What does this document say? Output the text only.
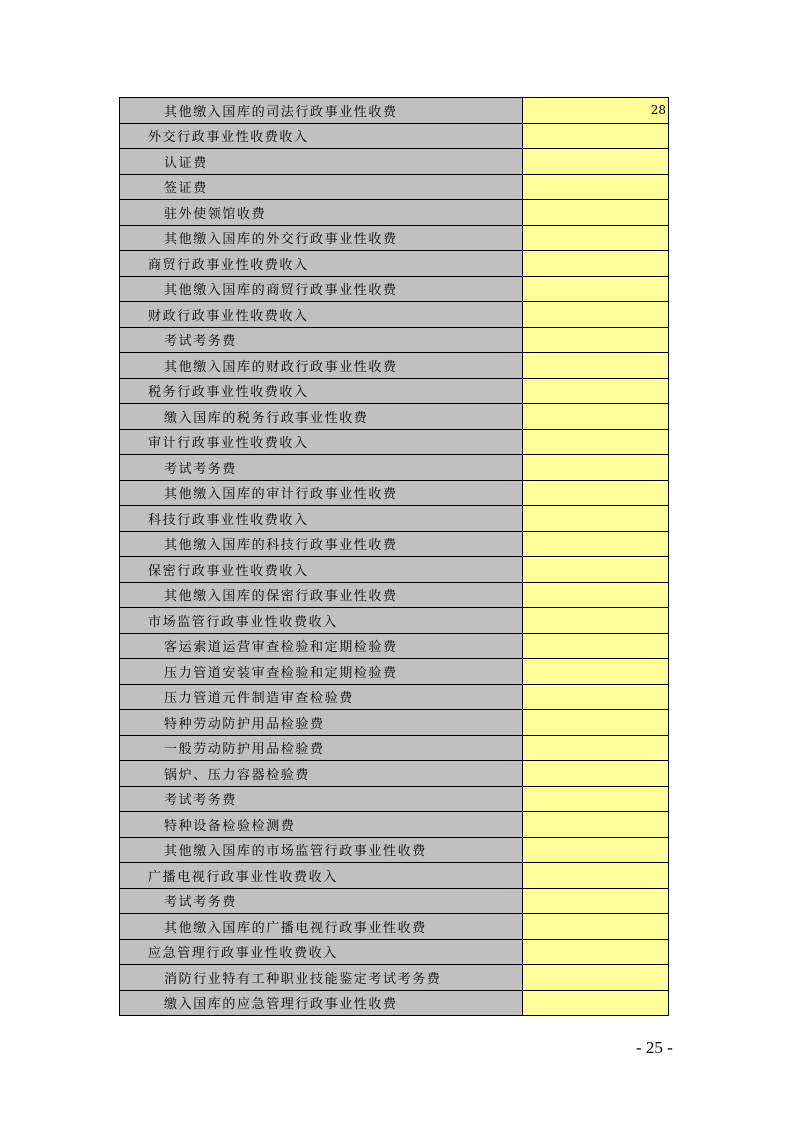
其他缴入国库的司法行政事业性收费	28
外交行政事业性收费收入
认证费
签证费
驻外使领馆收费
其他缴入国库的外交行政事业性收费
商贸行政事业性收费收入
其他缴入国库的商贸行政事业性收费
财政行政事业性收费收入
考试考务费
其他缴入国库的财政行政事业性收费
税务行政事业性收费收入
缴入国库的税务行政事业性收费
审计行政事业性收费收入
考试考务费
其他缴入国库的审计行政事业性收费
科技行政事业性收费收入
其他缴入国库的科技行政事业性收费
保密行政事业性收费收入
其他缴入国库的保密行政事业性收费
市场监管行政事业性收费收入
客运索道运营审查检验和定期检验费
压力管道安装审查检验和定期检验费
压力管道元件制造审查检验费
特种劳动防护用品检验费
一般劳动防护用品检验费
锅炉、压力容器检验费
考试考务费
特种设备检验检测费
其他缴入国库的市场监管行政事业性收费
广播电视行政事业性收费收入
考试考务费
其他缴入国库的广播电视行政事业性收费
应急管理行政事业性收费收入
消防行业特有工种职业技能鉴定考试考务费
缴入国库的应急管理行政事业性收费
- 25 -
